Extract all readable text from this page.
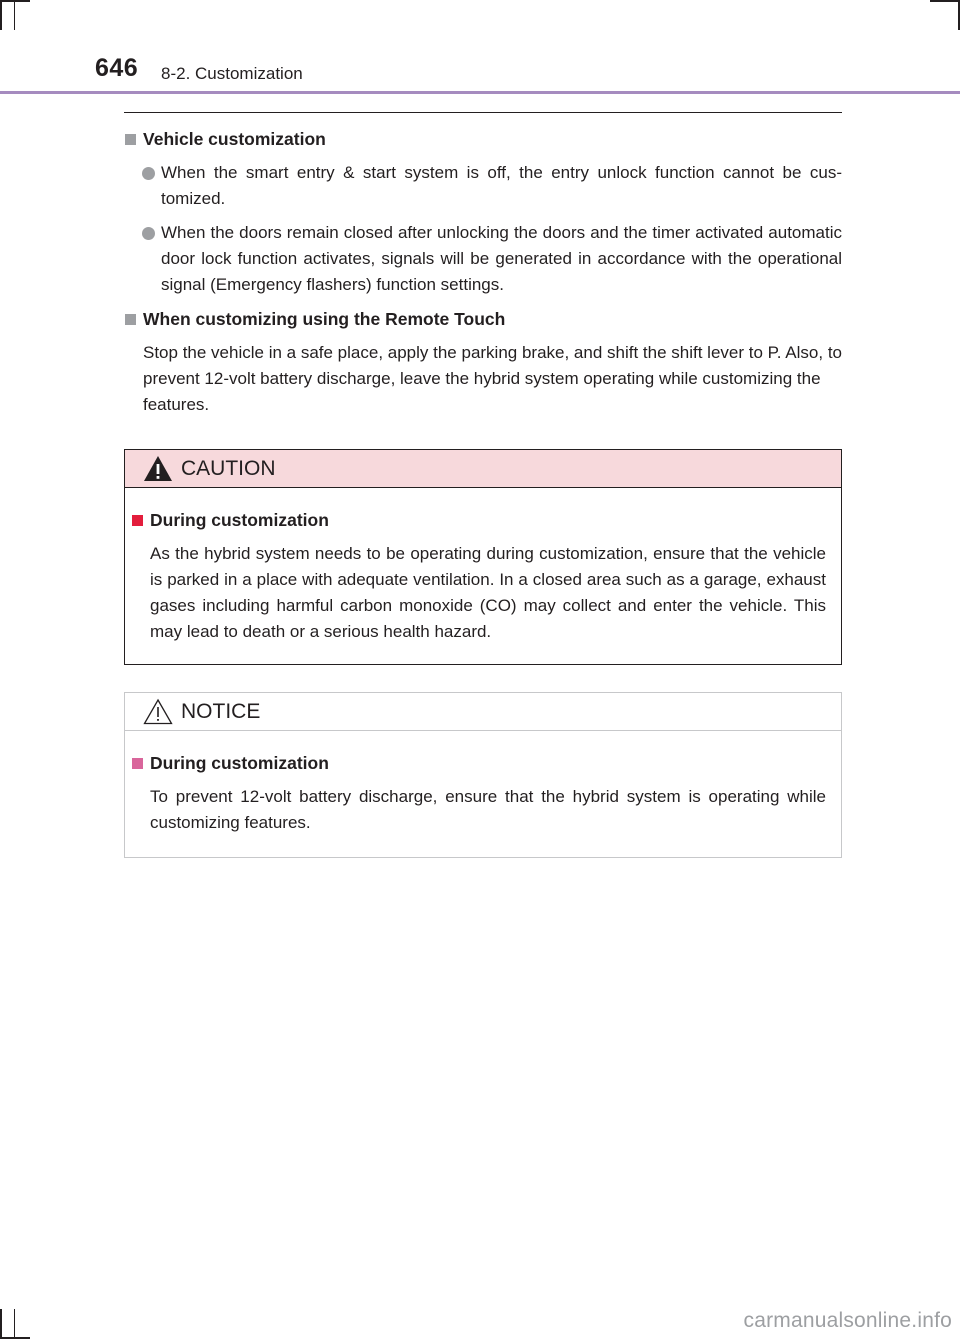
646 8-2. Customization

Vehicle customization

When the smart entry & start system is off, the entry unlock function cannot be cus-tomized.
When the doors remain closed after unlocking the doors and the timer activated automatic door lock function activates, signals will be generated in accordance with the operational signal (Emergency flashers) function settings.

When customizing using the Remote Touch

Stop the vehicle in a safe place, apply the parking brake, and shift the shift lever to P. Also, to prevent 12-volt battery discharge, leave the hybrid system operating while customizing the features.
CAUTION

During customization

As the hybrid system needs to be operating during customization, ensure that the vehicle is parked in a place with adequate ventilation. In a closed area such as a garage, exhaust gases including harmful carbon monoxide (CO) may collect and enter the vehicle. This may lead to death or a serious health hazard.
NOTICE

During customization

To prevent 12-volt battery discharge, ensure that the hybrid system is operating while customizing features.
carmanualsonline.info
